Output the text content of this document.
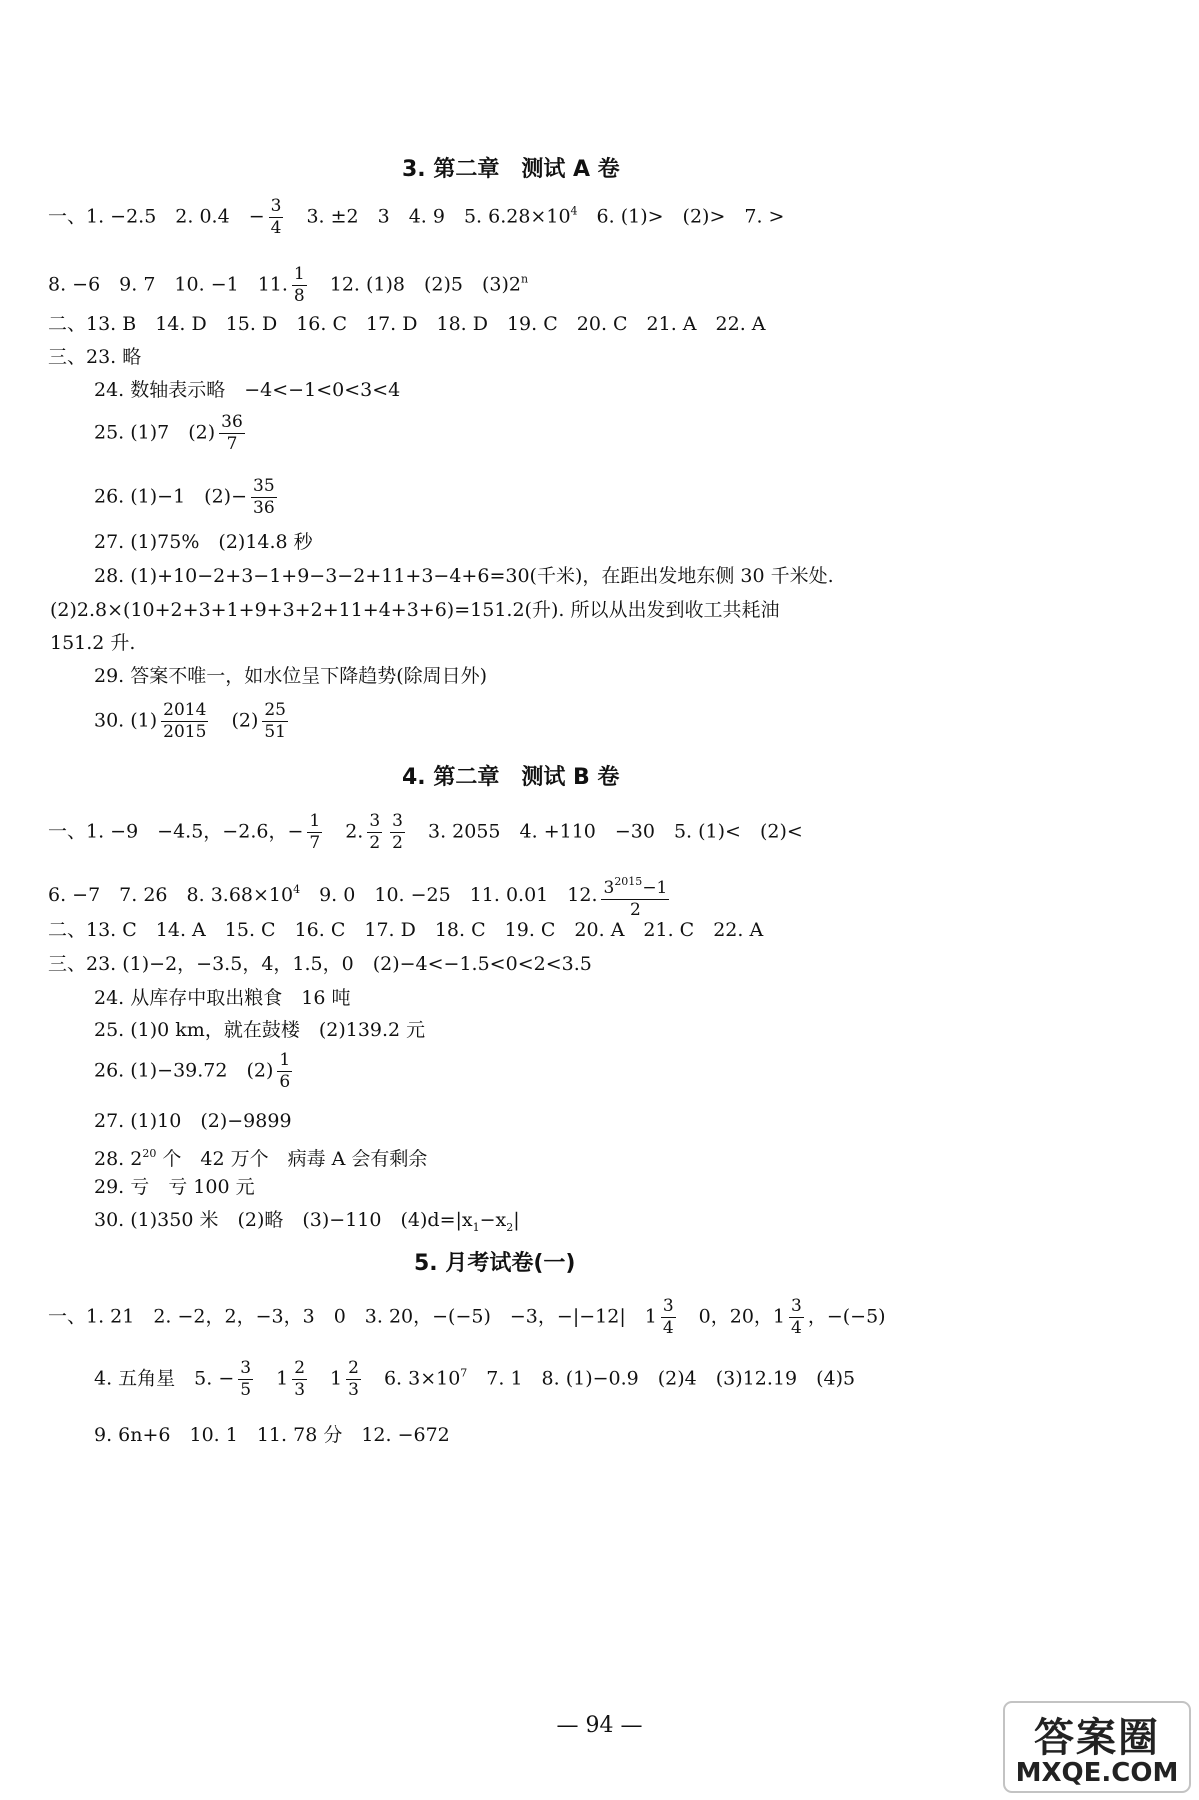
3. 第二章　测试 A 卷
一、1. −2.5　2. 0.4　− $\frac{3}{4}$ 　3. ±2　3　4. 9　5. $6.28\times 10^4$　6. (1)>　(2)>　7. >
8. −6　9. 7　10. −1　11. $\frac{1}{8}$ 　12. (1)8　(2)5　(3)2$^n$
二、13. B　14. D　15. D　16. C　17. D　18. D　19. C　20. C　21. A　22. A
三、23. 略
24. 数轴表示略　−4<−1<0<3<4
25. (1)7　$(2) \frac{36}{7}$
26. (1)−1　$(2)- \frac{35}{36}$
27. (1)75%　(2)14.8 秒
28. (1)+10−2+3−1+9−3−2+11+3−4+6=30(千米)，在距出发地东侧 30 千米处.
(2)2.8×(10+2+3+1+9+3+2+11+4+3+6)=151.2(升). 所以从出发到收工共耗油
151.2 升.
29. 答案不唯一，如水位呈下降趋势(除周日外)
30. $(1) \frac{2014}{2015}$ 　$(2) \frac{25}{51}$
4. 第二章　测试 B 卷
一、1. −9　−4.5，−2.6，− $\frac{1}{7}$ 　2. $\frac{3}{2} \frac{3}{2}$ 　3. 2055　4. +110　−30　5. (1)<　(2)<
6. −7　7. 26　8. $3.68\times 10^4$　9. 0　10. −25　11. 0.01　12. $\frac{3^{2015}-1}{2}$
二、13. C　14. A　15. C　16. C　17. D　18. C　19. C　20. A　21. C　22. A
三、23. (1)−2，−3.5，4，1.5，0　(2)−4<−1.5<0<2<3.5
24. 从库存中取出粮食　16 吨
25. (1)0 km，就在鼓楼　(2)139.2 元
26. (1)−39.72　$(2) \frac{1}{6}$
27. (1)10　(2)−9899
28. $2^{20}$ 个　42 万个　病毒 A 会有剩余
29. 亏　亏 100 元
30. (1)350 米　(2)略　(3)−110　$(4)d=|x_1-x_2|$
5. 月考试卷(一)
一、1. 21　2. −2，2，−3，3　0　3. 20，−(−5)　−3，−|−12|　$1 \frac{3}{4}$ 　0，20，$1 \frac{3}{4}$ ，−(−5)
4. 五角星　5. − $\frac{3}{5}$ 　$1 \frac{2}{3}$ 　$1 \frac{2}{3}$ 　6. $3\times 10^7$　7. 1　8. (1)−0.9　(2)4　(3)12.19　(4)5
9. 6n+6　10. 1　11. 78 分　12. −672
— 94 —	答案圈
MXQE.COM
